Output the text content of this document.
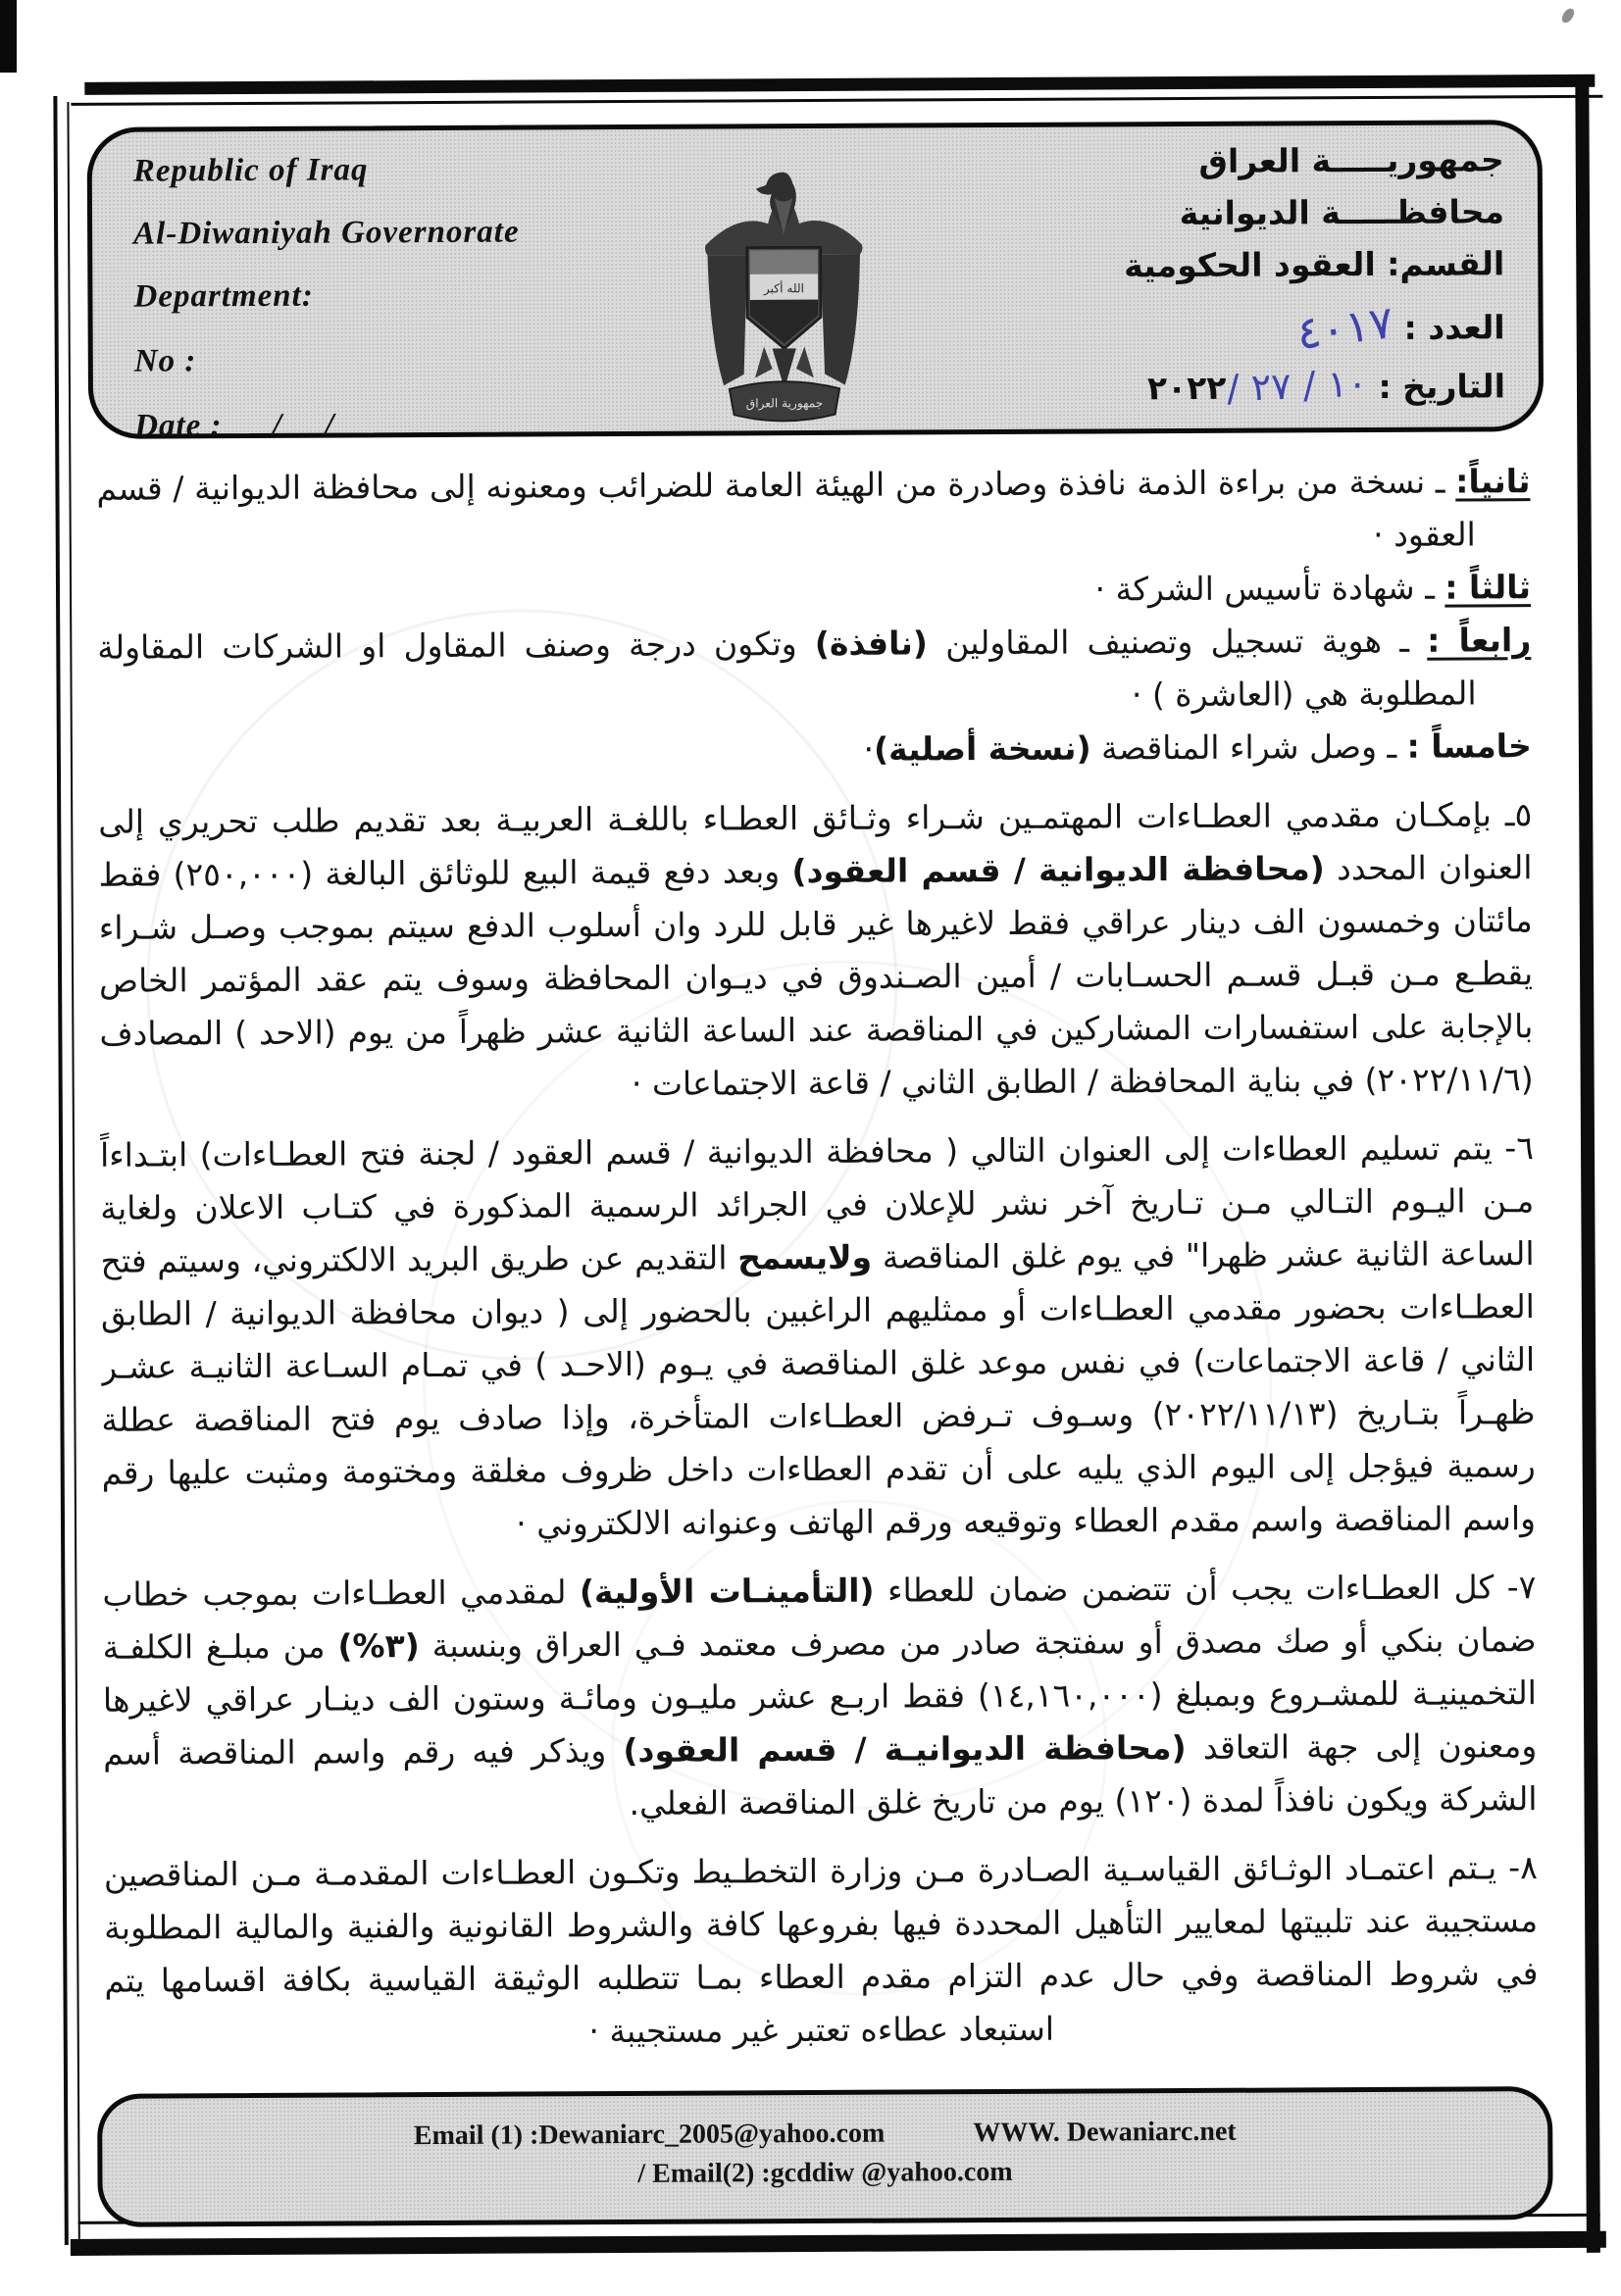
Republic of Iraq
Al-Diwaniyah Governorate
Department:
No :
Date : / /
الله أكبر
جمهورية العراق
جمهوريـــــة العراق
محافظـــــة الديوانية
القسم: العقود الحكومية
العدد : ٤٠١٧
التاريخ : ٢٠٢٢/ ١٠ / ٢٧

ثانياً: ـ نسخة من براءة الذمة نافذة وصادرة من الهيئة العامة للضرائب ومعنونه إلى محافظة الديوانية / قسم العقود ·

ثالثاً : ـ شهادة تأسيس الشركة ·

رابعاً : ـ هوية تسجيل وتصنيف المقاولين (نافذة) وتكون درجة وصنف المقاول او الشركات المقاولة المطلوبة هي (العاشرة ) ·

خامساً : ـ وصل شراء المناقصة (نسخة أصلية)·

٥ـ بإمكـان مقدمي العطـاءات المهتمـين شـراء وثـائق العطـاء باللغـة العربيـة بعد تقديم طلب تحريري إلى العنوان المحدد (محافظة الديوانية / قسم العقود) وبعد دفع قيمة البيع للوثائق البالغة (٢٥٠,٠٠٠) فقط مائتان وخمسون الف دينار عراقي فقط لاغيرها غير قابل للرد وان أسلوب الدفع سيتم بموجب وصـل شـراء يقطـع مـن قبـل قسـم الحسـابات / أمين الصـندوق في ديـوان المحافظة وسوف يتم عقد المؤتمر الخاص بالإجابة على استفسارات المشاركين في المناقصة عند الساعة الثانية عشر ظهراً من يوم (الاحد ) المصادف (٢٠٢٢/١١/٦) في بناية المحافظة / الطابق الثاني / قاعة الاجتماعات ·

٦- يتم تسليم العطاءات إلى العنوان التالي ( محافظة الديوانية / قسم العقود / لجنة فتح العطـاءات) ابتـداءاً مـن اليـوم التـالي مـن تـاريخ آخر نشر للإعلان في الجرائد الرسمية المذكورة في كتـاب الاعلان ولغاية الساعة الثانية عشر ظهرا" في يوم غلق المناقصة ولايسمح التقديم عن طريق البريد الالكتروني، وسيتم فتح العطـاءات بحضور مقدمي العطـاءات أو ممثليهم الراغبين بالحضور إلى ( ديوان محافظة الديوانية / الطابق الثاني / قاعة الاجتماعات) في نفس موعد غلق المناقصة في يـوم (الاحـد ) في تمـام السـاعة الثانيـة عشـر ظهـراً بتـاريخ (٢٠٢٢/١١/١٣) وسـوف تـرفض العطـاءات المتأخرة، وإذا صادف يوم فتح المناقصة عطلة رسمية فيؤجل إلى اليوم الذي يليه على أن تقدم العطاءات داخل ظروف مغلقة ومختومة ومثبت عليها رقم واسم المناقصة واسم مقدم العطاء وتوقيعه ورقم الهاتف وعنوانه الالكتروني ·

٧- كل العطـاءات يجب أن تتضمن ضمان للعطاء (التأمينـات الأولية) لمقدمي العطـاءات بموجب خطاب ضمان بنكي أو صك مصدق أو سفتجة صادر من مصرف معتمد فـي العراق وبنسبة (٣%) من مبلـغ الكلفـة التخمينيـة للمشـروع وبمبلغ (١٤,١٦٠,٠٠٠) فقط اربـع عشر مليـون ومائـة وستون الف دينـار عراقي لاغيرها ومعنون إلى جهة التعاقد (محافظة الديوانيـة / قسم العقود) ويذكر فيه رقم واسم المناقصة أسم الشركة ويكون نافذاً لمدة (١٢٠) يوم من تاريخ غلق المناقصة الفعلي.

٨- يـتم اعتمـاد الوثـائق القياسـية الصـادرة مـن وزارة التخطـيط وتكـون العطـاءات المقدمـة مـن المناقصين مستجيبة عند تلبيتها لمعايير التأهيل المحددة فيها بفروعها كافة والشروط القانونية والفنية والمالية المطلوبة في شروط المناقصة وفي حال عدم التزام مقدم العطاء بمـا تتطلبه الوثيقة القياسية بكافة اقسامها يتم استبعاد عطاءه تعتبر غير مستجيبة ·

Email (1) :Dewaniarc_2005@yahoo.com	WWW. Dewaniarc.net
/ Email(2) :gcddiw @yahoo.com
